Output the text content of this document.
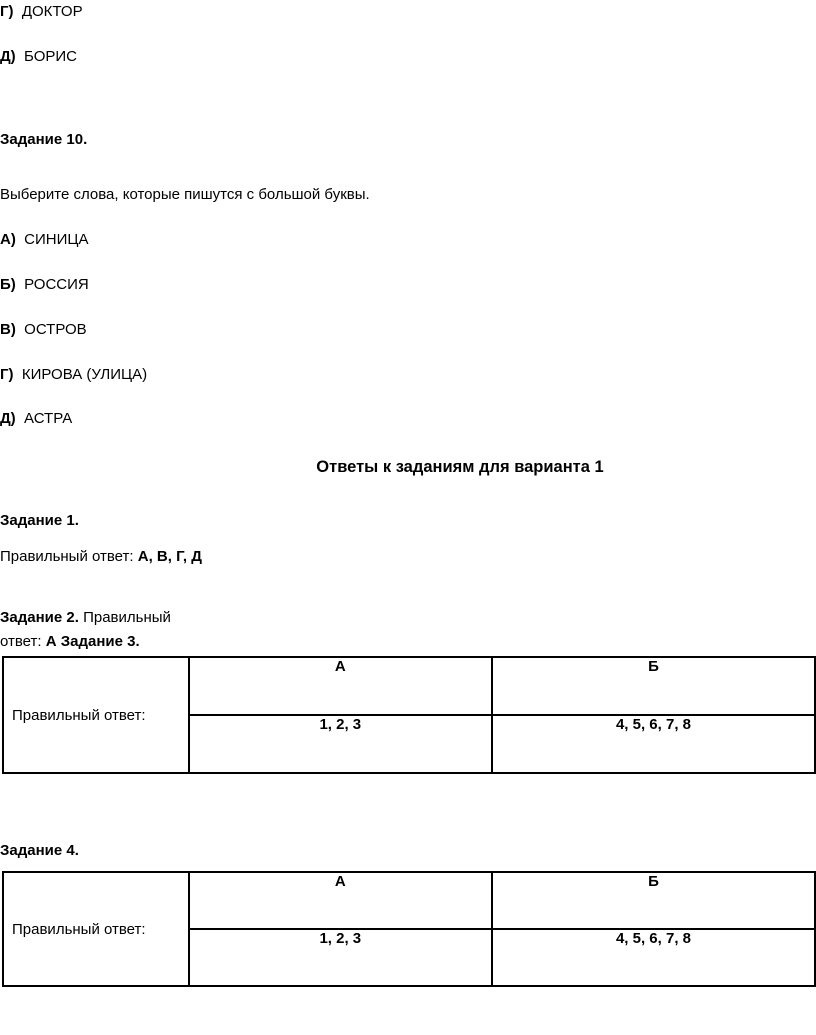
Г) ДОКТОР
Д) БОРИС
Задание 10.
Выберите слова, которые пишутся с большой буквы.
А) СИНИЦА
Б) РОССИЯ
В) ОСТРОВ
Г) КИРОВА (УЛИЦА)
Д) АСТРА
Ответы к заданиям для варианта 1
Задание 1.
Правильный ответ: А, В, Г, Д
Задание 2. Правильный
ответ: А Задание 3.
Правильный ответ:	А	Б
	1, 2, 3	4, 5, 6, 7, 8
Задание 4.
Правильный ответ:	А	Б
	1, 2, 3	4, 5, 6, 7, 8
